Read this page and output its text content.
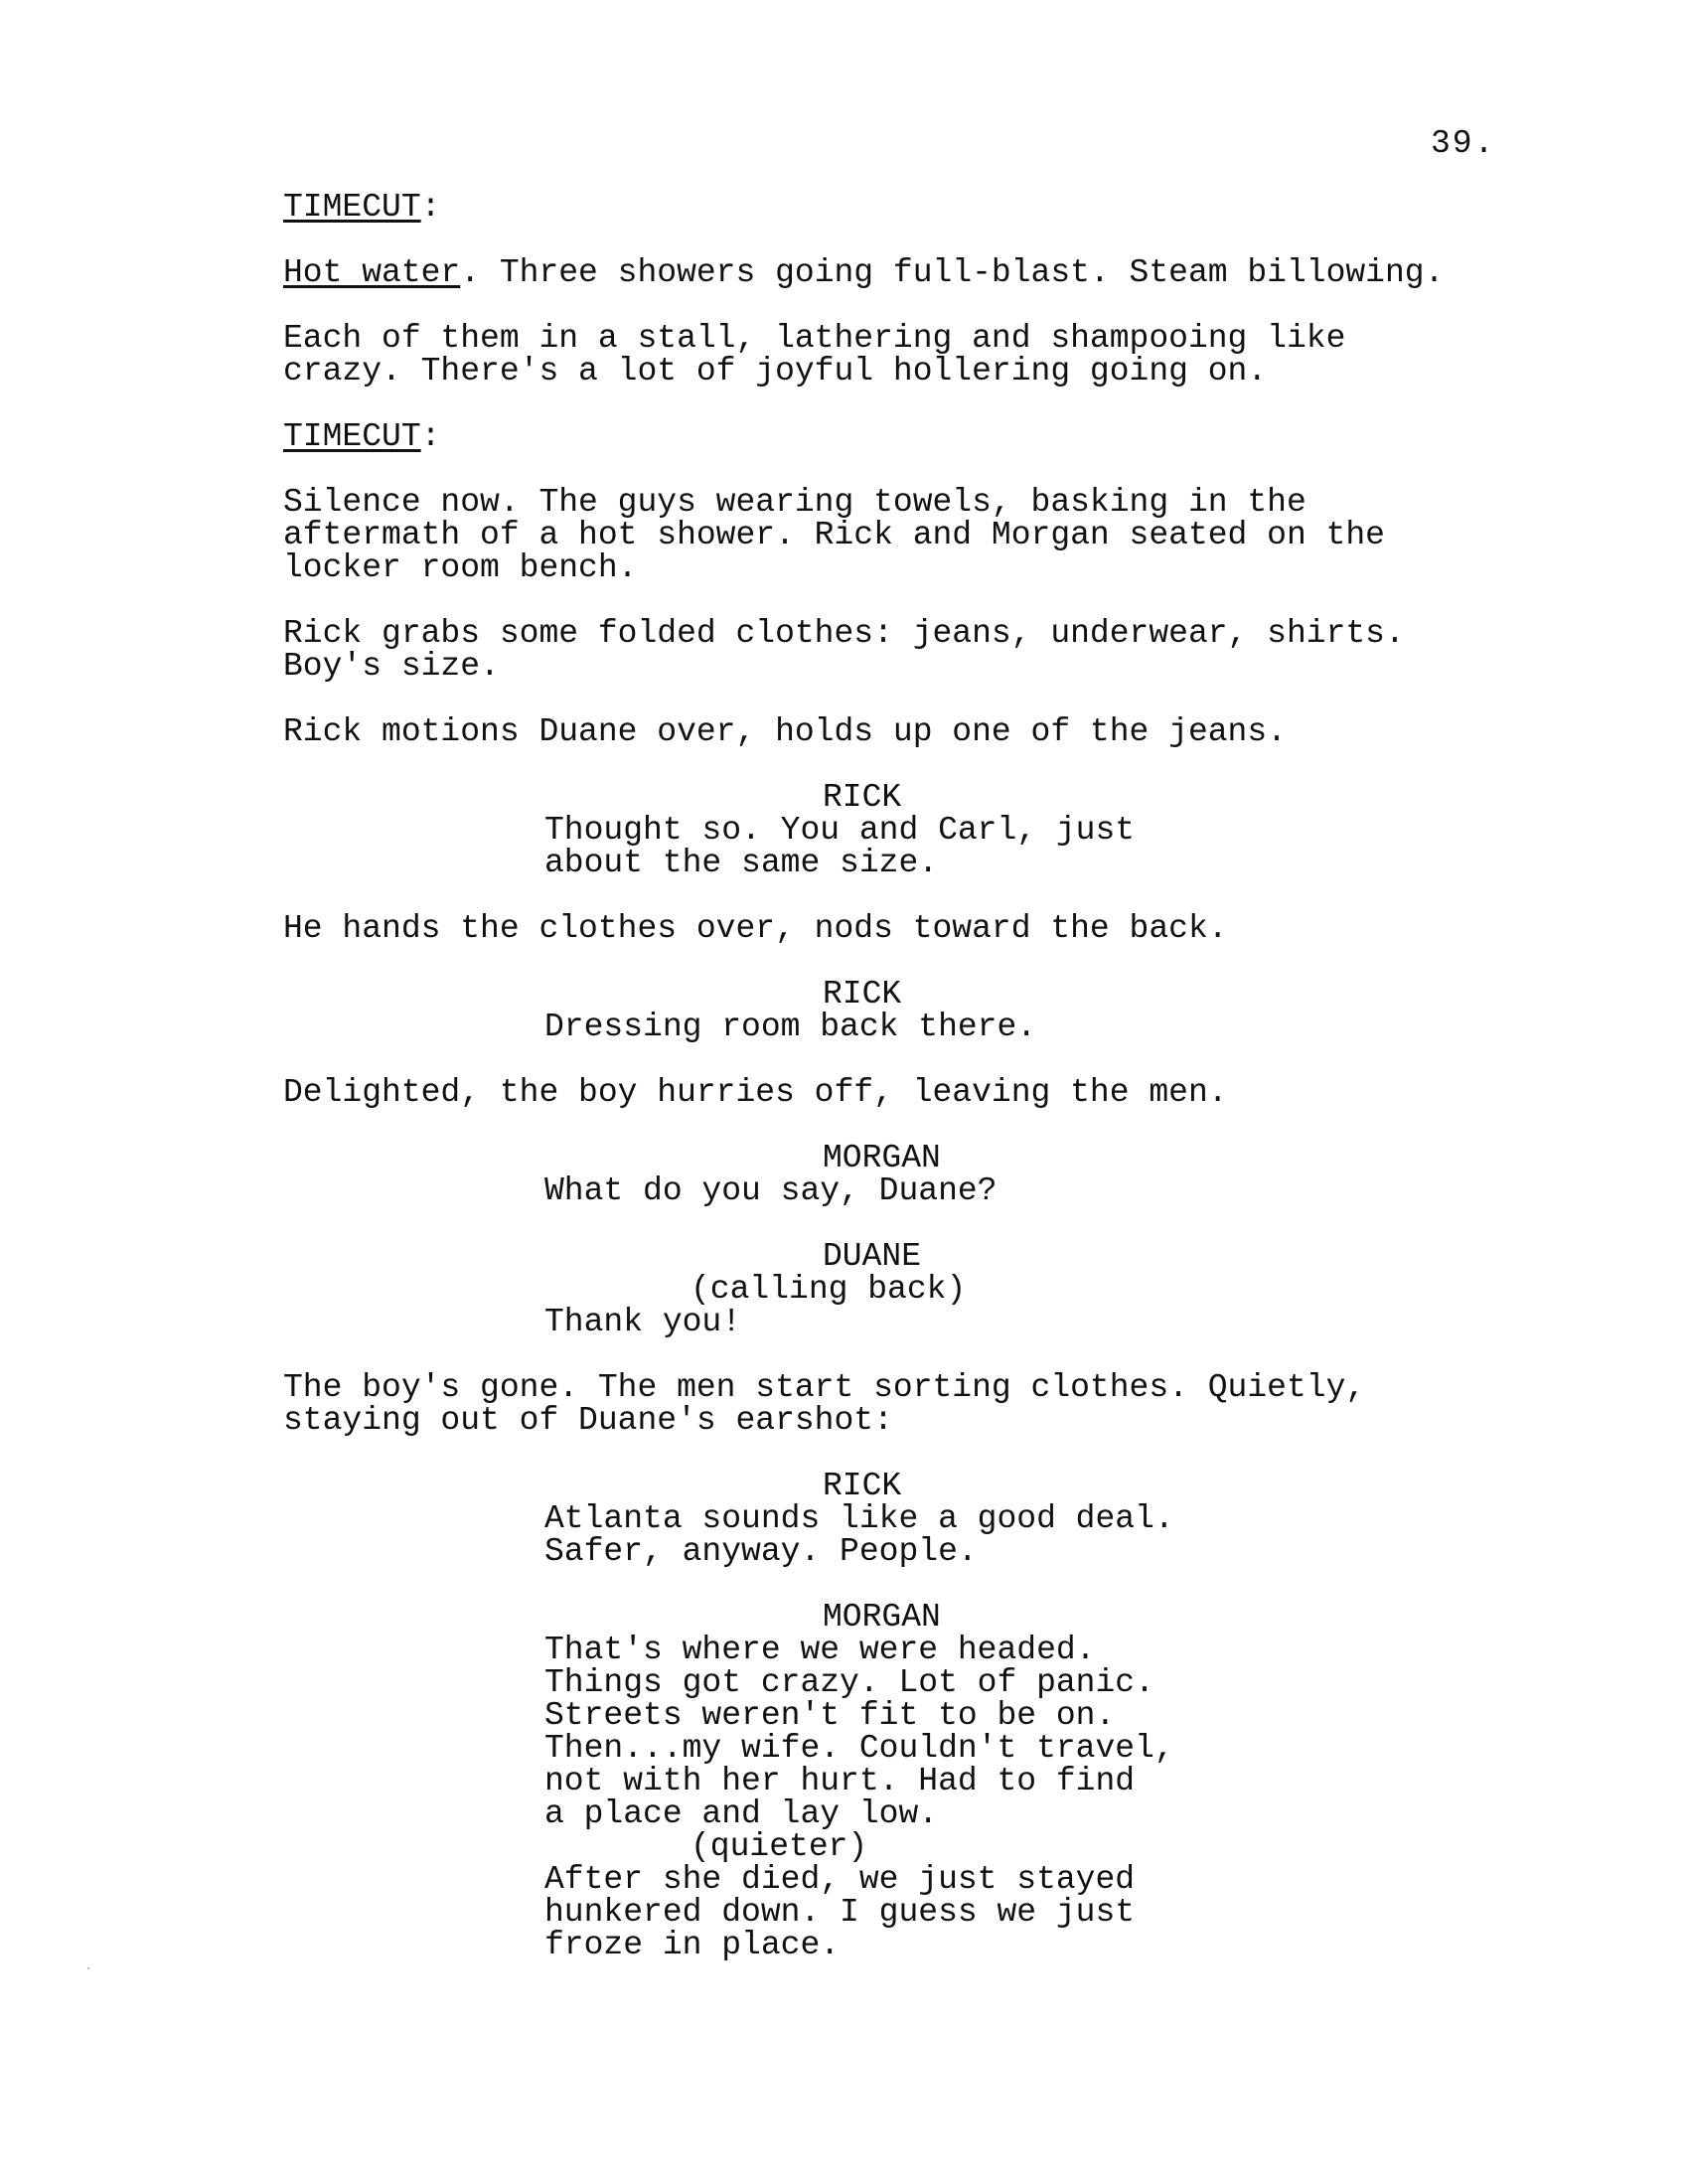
39.

TIMECUT:

Hot water. Three showers going full-blast. Steam billowing.

Each of them in a stall, lathering and shampooing like
crazy. There's a lot of joyful hollering going on.

TIMECUT:

Silence now. The guys wearing towels, basking in the
aftermath of a hot shower. Rick and Morgan seated on the
locker room bench.

Rick grabs some folded clothes: jeans, underwear, shirts.
Boy's size.

Rick motions Duane over, holds up one of the jeans.

RICK

Thought so. You and Carl, just
about the same size.

He hands the clothes over, nods toward the back.

RICK

Dressing room back there.

Delighted, the boy hurries off, leaving the men.

MORGAN

What do you say, Duane?

DUANE

(calling back)

Thank you!

The boy's gone. The men start sorting clothes. Quietly,
staying out of Duane's earshot:

RICK

Atlanta sounds like a good deal.
Safer, anyway. People.

MORGAN

That's where we were headed.
Things got crazy. Lot of panic.
Streets weren't fit to be on.
Then...my wife. Couldn't travel,
not with her hurt. Had to find
a place and lay low.

(quieter)

After she died, we just stayed
hunkered down. I guess we just
froze in place.
